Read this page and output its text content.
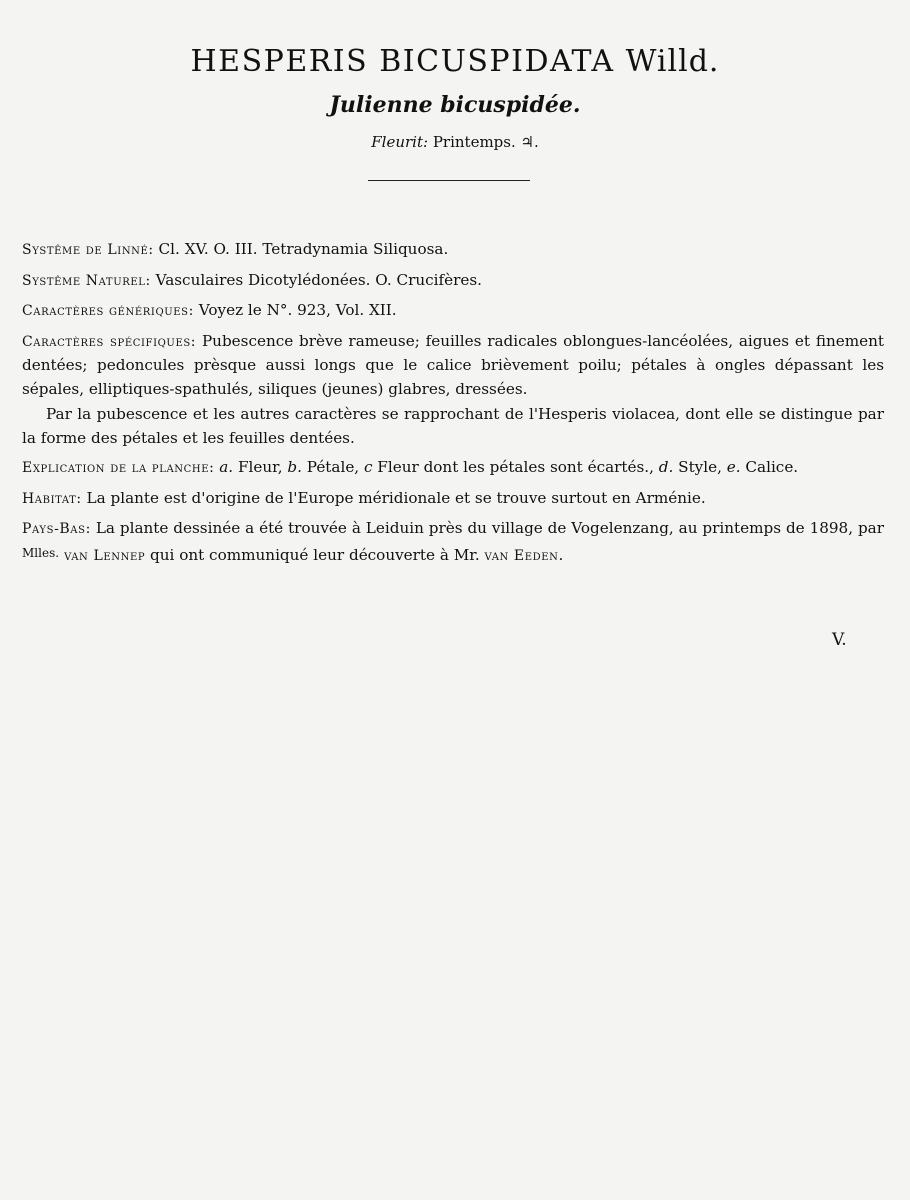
HESPERIS BICUSPIDATA Willd.
Julienne bicuspidée.
Fleurit: Printemps. ♃.

Systême de Linné: Cl. XV. O. III. Tetradynamia Siliquosa.

Systême Naturel: Vasculaires Dicotylédonées. O. Crucifères.

Caractères génériques: Voyez le N°. 923, Vol. XII.

Caractères spécifiques: Pubescence brève rameuse; feuilles radicales oblongues-lancéolées, aigues et finement dentées; pedoncules prèsque aussi longs que le calice brièvement poilu; pétales à ongles dépassant les sépales, elliptiques-spathulés, siliques (jeunes) glabres, dressées.

Par la pubescence et les autres caractères se rapprochant de l'Hesperis violacea, dont elle se distingue par la forme des pétales et les feuilles dentées.

Explication de la planche: a. Fleur, b. Pétale, c Fleur dont les pétales sont écartés., d. Style, e. Calice.

Habitat: La plante est d'origine de l'Europe méridionale et se trouve surtout en Arménie.

Pays-Bas: La plante dessinée a été trouvée à Leiduin près du village de Vogelenzang, au printemps de 1898, par Mlles. van Lennep qui ont communiqué leur découverte à Mr. van Eeden.

V.
